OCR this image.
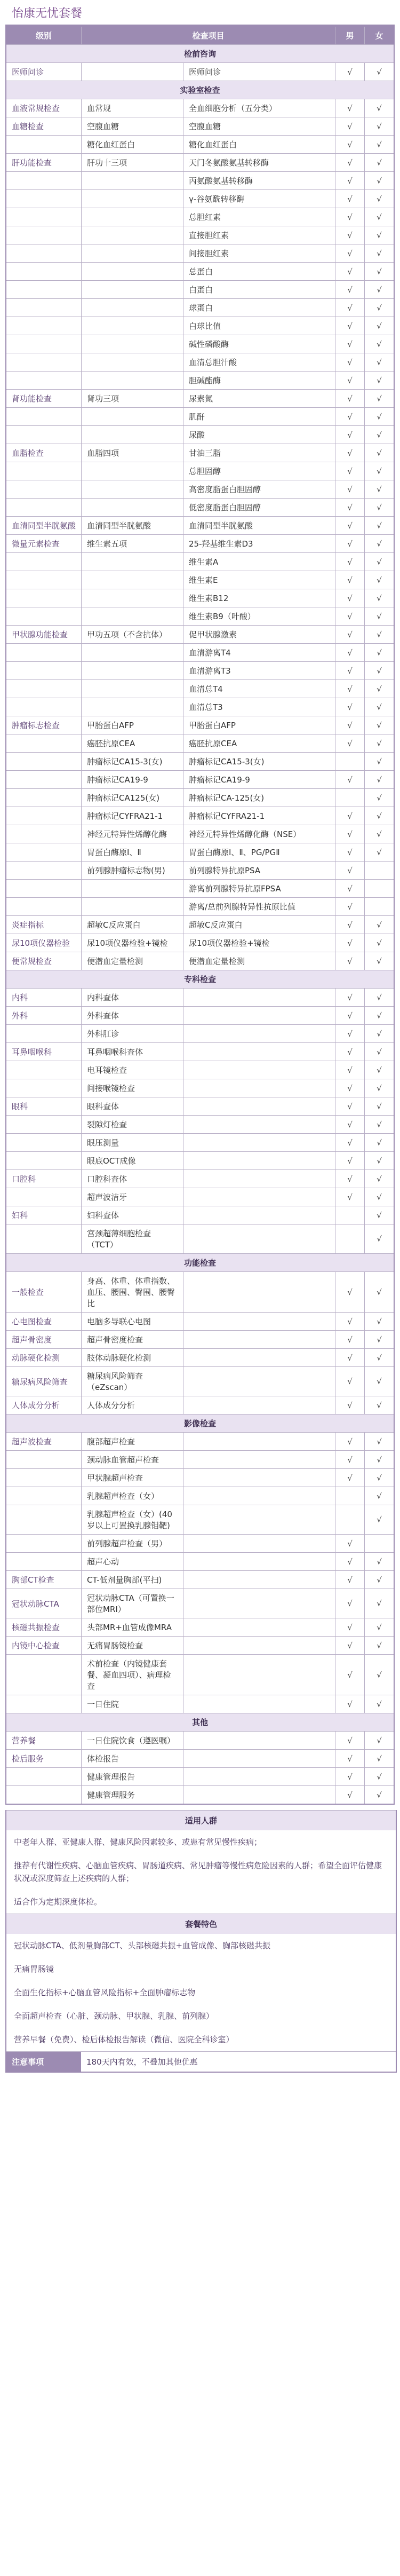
怡康无忧套餐
级别	检查项目		男	女
检前咨询				
医师问诊		医师问诊	√	√
实验室检查				
血液常规检查	血常规	全血细胞分析（五分类）	√	√
血糖检查	空腹血糖	空腹血糖	√	√
	糖化血红蛋白	糖化血红蛋白	√	√
肝功能检查	肝功十三项	天门冬氨酸氨基转移酶	√	√
		丙氨酸氨基转移酶	√	√
		γ-谷氨酰转移酶	√	√
		总胆红素	√	√
		直接胆红素	√	√
		间接胆红素	√	√
		总蛋白	√	√
		白蛋白	√	√
		球蛋白	√	√
		白球比值	√	√
		碱性磷酸酶	√	√
		血清总胆汁酸	√	√
		胆碱酯酶	√	√
肾功能检查	肾功三项	尿素氮	√	√
		肌酐	√	√
		尿酸	√	√
血脂检查	血脂四项	甘油三脂	√	√
		总胆固醇	√	√
		高密度脂蛋白胆固醇	√	√
		低密度脂蛋白胆固醇	√	√
血清同型半胱氨酸	血清同型半胱氨酸	血清同型半胱氨酸	√	√
微量元素检查	维生素五项	25-羟基维生素D3	√	√
		维生素A	√	√
		维生素E	√	√
		维生素B12	√	√
		维生素B9（叶酸）	√	√
甲状腺功能检查	甲功五项（不含抗体）	促甲状腺激素	√	√
		血清游离T4	√	√
		血清游离T3	√	√
		血清总T4	√	√
		血清总T3	√	√
肿瘤标志检查	甲胎蛋白AFP	甲胎蛋白AFP	√	√
	癌胚抗原CEA	癌胚抗原CEA	√	√
	肿瘤标记CA15-3(女)	肿瘤标记CA15-3(女)		√
	肿瘤标记CA19-9	肿瘤标记CA19-9	√	√
	肿瘤标记CA125(女)	肿瘤标记CA-125(女)		√
	肿瘤标记CYFRA21-1	肿瘤标记CYFRA21-1	√	√
	神经元特异性烯醇化酶	神经元特异性烯醇化酶（NSE）	√	√
	胃蛋白酶原Ⅰ、Ⅱ	胃蛋白酶原Ⅰ、Ⅱ、PG/PGⅡ	√	√
	前列腺肿瘤标志物(男)	前列腺特异抗原PSA	√	
		游离前列腺特异抗原FPSA	√	
		游离/总前列腺特异性抗原比值	√	
炎症指标	超敏C反应蛋白	超敏C反应蛋白	√	√
尿10项仪器检验	尿10项仪器检验+镜检	尿10项仪器检验+镜检	√	√
便常规检查	便潜血定量检测	便潜血定量检测	√	√
专科检查				
内科	内科查体		√	√
外科	外科查体		√	√
	外科肛诊		√	√
耳鼻咽喉科	耳鼻咽喉科查体		√	√
	电耳镜检查		√	√
	间接喉镜检查		√	√
眼科	眼科查体		√	√
	裂隙灯检查		√	√
	眼压测量		√	√
	眼底OCT成像		√	√
口腔科	口腔科查体		√	√
	超声波洁牙		√	√
妇科	妇科查体			√
	宫颈超薄细胞检查（TCT）			√
功能检查				
一般检查	身高、体重、体重指数、血压、腰围、臀围、腰臀比		√	√
心电图检查	电脑多导联心电图		√	√
超声骨密度	超声骨密度检查		√	√
动脉硬化检测	肢体动脉硬化检测		√	√
糖尿病风险筛查	糖尿病风险筛查（eZscan）		√	√
人体成分分析	人体成分分析		√	√
影像检查				
超声波检查	腹部超声检查		√	√
	颈动脉血管超声检查		√	√
	甲状腺超声检查		√	√
	乳腺超声检查（女）			√
	乳腺超声检查（女）(40岁以上可置换乳腺钼靶)			√
	前列腺超声检查（男）		√	
	超声心动		√	√
胸部CT检查	CT-低剂量胸部(平扫)		√	√
冠状动脉CTA	冠状动脉CTA（可置换一部位MRI）		√	√
核磁共振检查	头部MR+血管成像MRA		√	√
内镜中心检查	无痛胃肠镜检查		√	√
	术前检查（内镜健康套餐、凝血四项）、病理检查		√	√
	一日住院		√	√
其他				
营养餐	一日住院饮食（遵医嘱）		√	√
检后服务	体检报告		√	√
	健康管理报告		√	√
	健康管理服务		√	√
适用人群
中老年人群、亚健康人群、健康风险因素较多、或患有常见慢性疾病；
推荐有代谢性疾病、心脑血管疾病、胃肠道疾病、常见肿瘤等慢性病危险因素的人群；希望全面评估健康状况或深度筛查上述疾病的人群；
适合作为定期深度体检。
套餐特色
冠状动脉CTA、低剂量胸部CT、头部核磁共振+血管成像、胸部核磁共振
无痛胃肠镜
全面生化指标+心脑血管风险指标+全面肿瘤标志物
全面超声检查（心脏、颈动脉、甲状腺、乳腺、前列腺）
营养早餐（免费）、检后体检报告解读（微信、医院全科诊室）
注意事项	180天内有效，不叠加其他优惠
